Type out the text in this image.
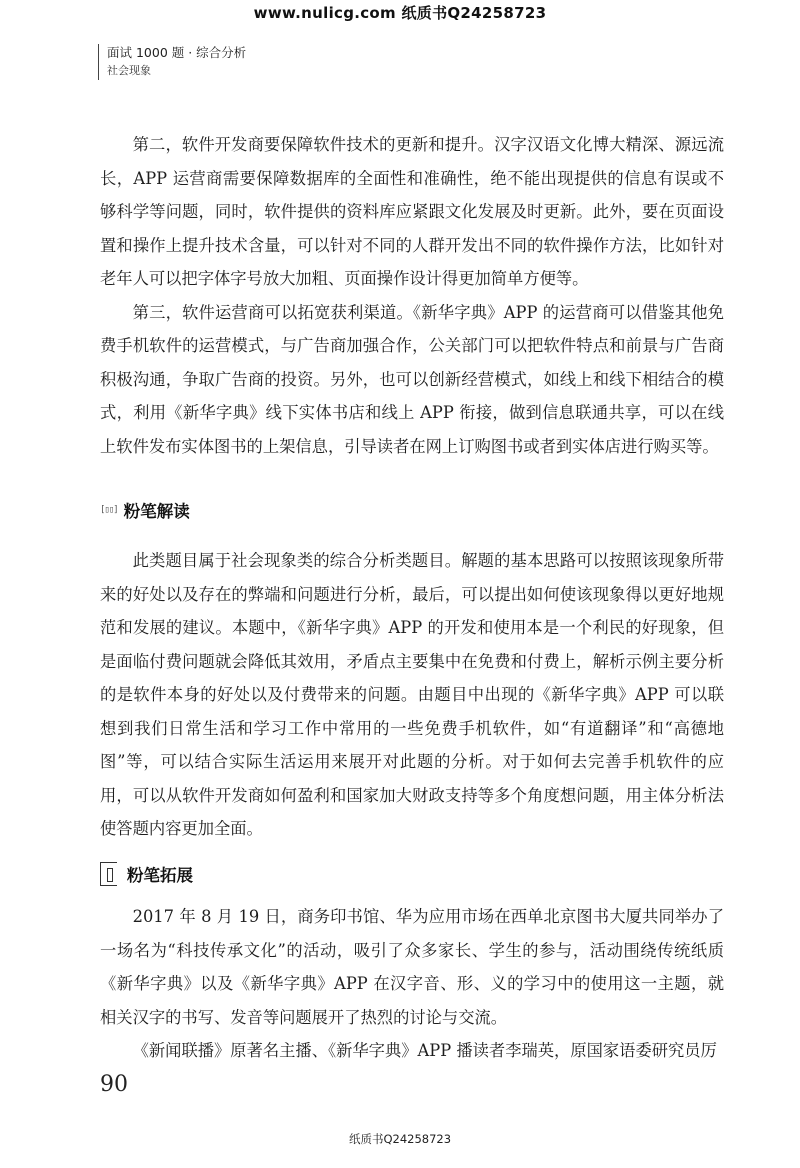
www.nulicg.com 纸质书Q24258723
面试 1000 题 · 综合分析
社会现象

第二，软件开发商要保障软件技术的更新和提升。汉字汉语文化博大精深、源远流长，APP 运营商需要保障数据库的全面性和准确性，绝不能出现提供的信息有误或不够科学等问题，同时，软件提供的资料库应紧跟文化发展及时更新。此外，要在页面设置和操作上提升技术含量，可以针对不同的人群开发出不同的软件操作方法，比如针对老年人可以把字体字号放大加粗、页面操作设计得更加简单方便等。

第三，软件运营商可以拓宽获利渠道。《新华字典》APP 的运营商可以借鉴其他免费手机软件的运营模式，与广告商加强合作，公关部门可以把软件特点和前景与广告商积极沟通，争取广告商的投资。另外，也可以创新经营模式，如线上和线下相结合的模式，利用《新华字典》线下实体书店和线上 APP 衔接，做到信息联通共享，可以在线上软件发布实体图书的上架信息，引导读者在网上订购图书或者到实体店进行购买等。

[▯▯] 粉笔解读

此类题目属于社会现象类的综合分析类题目。解题的基本思路可以按照该现象所带来的好处以及存在的弊端和问题进行分析，最后，可以提出如何使该现象得以更好地规范和发展的建议。本题中，《新华字典》APP 的开发和使用本是一个利民的好现象，但是面临付费问题就会降低其效用，矛盾点主要集中在免费和付费上，解析示例主要分析的是软件本身的好处以及付费带来的问题。由题目中出现的《新华字典》APP 可以联想到我们日常生活和学习工作中常用的一些免费手机软件，如“有道翻译”和“高德地图”等，可以结合实际生活运用来展开对此题的分析。对于如何去完善手机软件的应用，可以从软件开发商如何盈利和国家加大财政支持等多个角度想问题，用主体分析法使答题内容更加全面。

粉笔拓展

2017 年 8 月 19 日，商务印书馆、华为应用市场在西单北京图书大厦共同举办了一场名为“科技传承文化”的活动，吸引了众多家长、学生的参与，活动围绕传统纸质《新华字典》以及《新华字典》APP 在汉字音、形、义的学习中的使用这一主题，就相关汉字的书写、发音等问题展开了热烈的讨论与交流。

《新闻联播》原著名主播、《新华字典》APP 播读者李瑞英，原国家语委研究员厉

90
纸质书Q24258723
